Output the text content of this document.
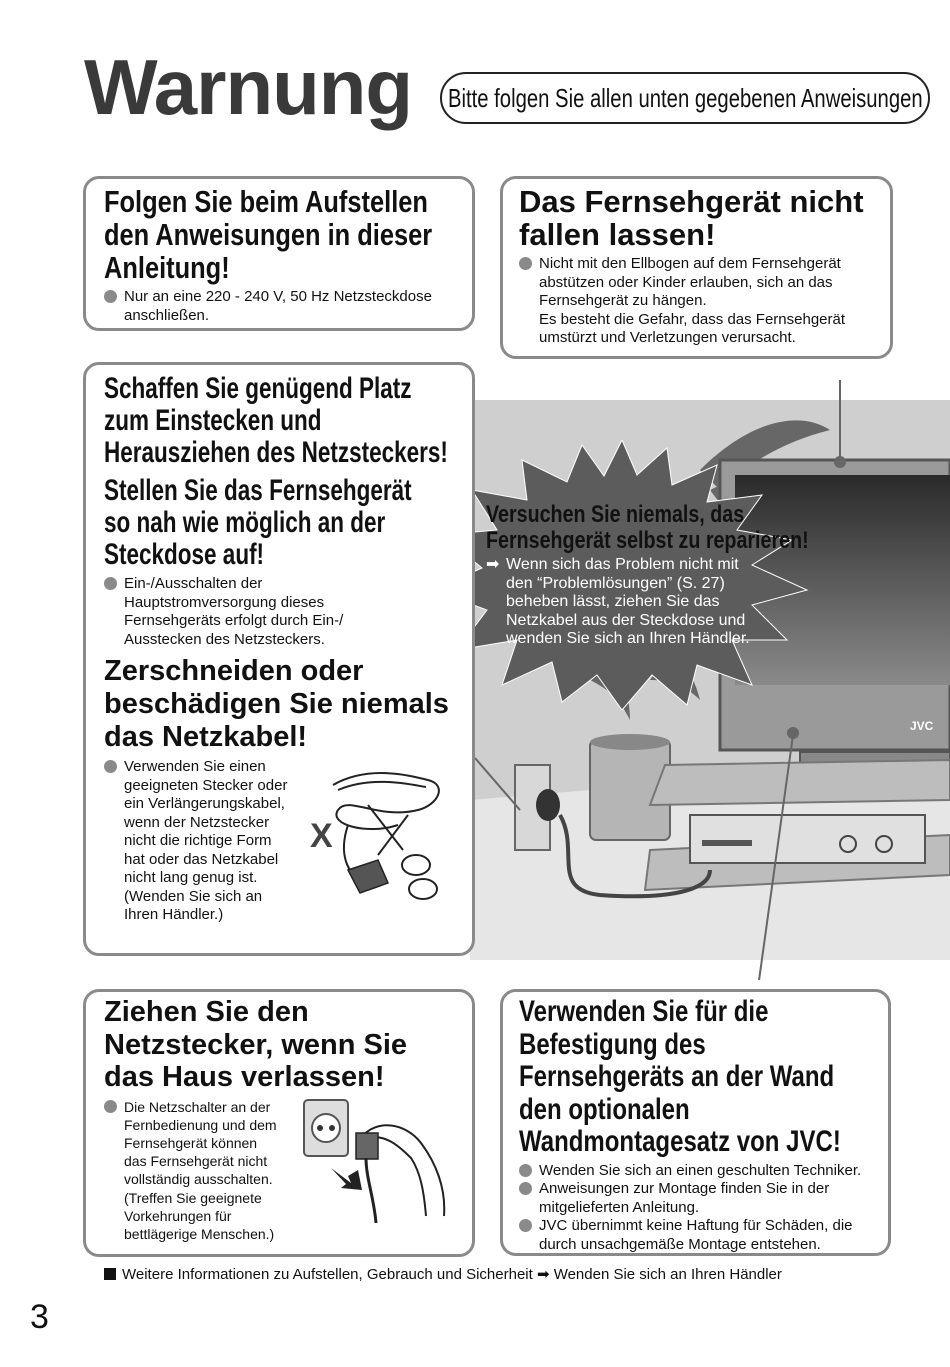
Warnung Bitte folgen Sie allen unten gegebenen Anweisungen
JVC
Versuchen Sie niemals, das
Fernsehgerät selbst zu reparieren!
➡ Wenn sich das Problem nicht mit
den “Problemlösungen” (S. 27)
beheben lässt, ziehen Sie das
Netzkabel aus der Steckdose und
wenden Sie sich an Ihren Händler.
Folgen Sie beim Aufstellen
den Anweisungen in dieser
Anleitung!
Nur an eine 220 - 240 V, 50 Hz Netzsteckdose
anschließen.
Das Fernsehgerät nicht
fallen lassen!
Nicht mit den Ellbogen auf dem Fernsehgerät
abstützen oder Kinder erlauben, sich an das
Fernsehgerät zu hängen.
Es besteht die Gefahr, dass das Fernsehgerät
umstürzt und Verletzungen verursacht.
Schaffen Sie genügend Platz
zum Einstecken und
Herausziehen des Netzsteckers!
Stellen Sie das Fernsehgerät
so nah wie möglich an der
Steckdose auf!
Ein-/Ausschalten der
Hauptstromversorgung dieses
Fernsehgeräts erfolgt durch Ein-/
Ausstecken des Netzsteckers.
Zerschneiden oder
beschädigen Sie niemals
das Netzkabel!
Verwenden Sie einen
geeigneten Stecker oder
ein Verlängerungskabel,
wenn der Netzstecker
nicht die richtige Form
hat oder das Netzkabel
nicht lang genug ist.
(Wenden Sie sich an
Ihren Händler.)
X
Ziehen Sie den
Netzstecker, wenn Sie
das Haus verlassen!
Die Netzschalter an der
Fernbedienung und dem
Fernsehgerät können
das Fernsehgerät nicht
vollständig ausschalten.
(Treffen Sie geeignete
Vorkehrungen für
bettlägerige Menschen.)
Verwenden Sie für die
Befestigung des
Fernsehgeräts an der Wand
den optionalen
Wandmontagesatz von JVC!
Wenden Sie sich an einen geschulten Techniker.
Anweisungen zur Montage finden Sie in der
mitgelieferten Anleitung.
JVC übernimmt keine Haftung für Schäden, die
durch unsachgemäße Montage entstehen.
Weitere Informationen zu Aufstellen, Gebrauch und Sicherheit ➡ Wenden Sie sich an Ihren Händler
3
